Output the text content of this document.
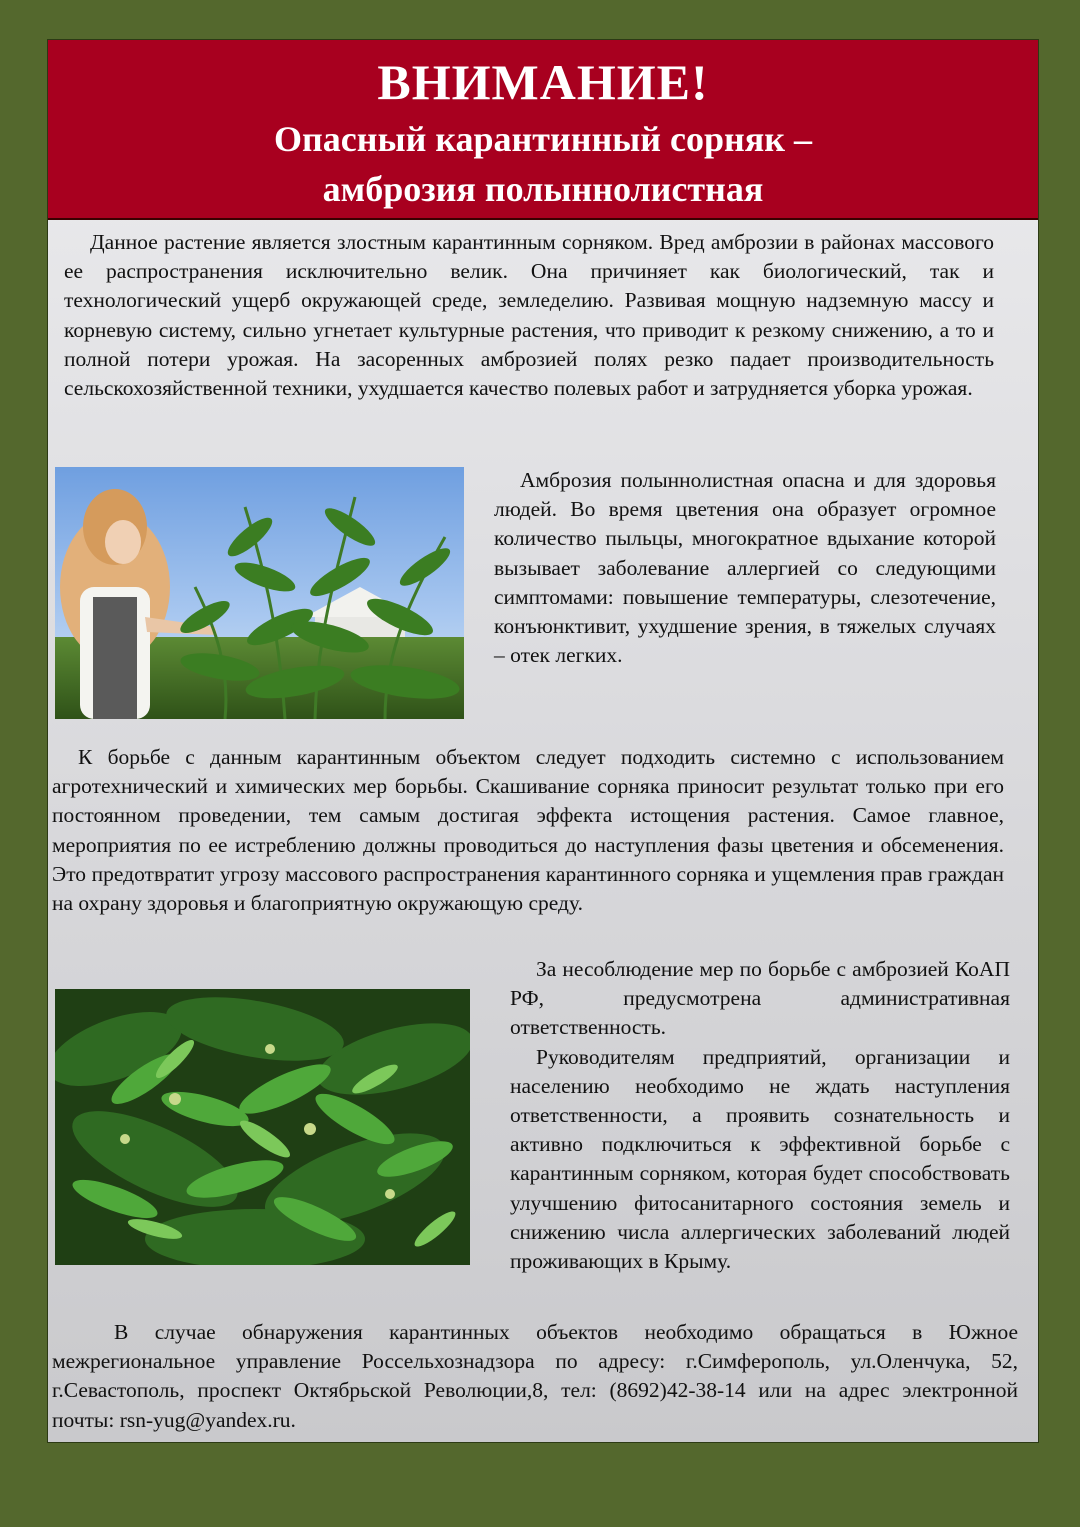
ВНИМАНИЕ!
Опасный карантинный сорняк –
амброзия полыннолистная

Данное растение является злостным карантинным сорняком. Вред амброзии в районах массового ее распространения исключительно велик. Она причиняет как биологический, так и технологический ущерб окружающей среде, земледелию. Развивая мощную надземную массу и корневую систему, сильно угнетает культурные растения, что приводит к резкому снижению, а то и полной потери урожая. На засоренных амброзией полях резко падает производительность сельскохозяйственной техники, ухудшается качество полевых работ и затрудняется уборка урожая.

Амброзия полыннолистная опасна и для здоровья людей. Во время цветения она образует огромное количество пыльцы, многократное вдыхание которой вызывает заболевание аллергией со следующими симптомами: повышение температуры, слезотечение, конъюнктивит, ухудшение зрения, в тяжелых случаях – отек легких.

К борьбе с данным карантинным объектом следует подходить системно с использованием агротехнический и химических мер борьбы. Скашивание сорняка приносит результат только при его постоянном проведении, тем самым достигая эффекта истощения растения. Самое главное, мероприятия по ее истреблению должны проводиться до наступления фазы цветения и обсеменения. Это предотвратит угрозу массового распространения карантинного сорняка и ущемления прав граждан на охрану здоровья и благоприятную окружающую среду.

За несоблюдение мер по борьбе с амброзией КоАП РФ, предусмотрена административная ответственность.

Руководителям предприятий, организации и населению необходимо не ждать наступления ответственности, а проявить сознательность и активно подключиться к эффективной борьбе с карантинным сорняком, которая будет способствовать улучшению фитосанитарного состояния земель и снижению числа аллергических заболеваний людей проживающих в Крыму.

В случае обнаружения карантинных объектов необходимо обращаться в Южное межрегиональное управление Россельхознадзора по адресу: г.Симферополь, ул.Оленчука, 52, г.Севастополь, проспект Октябрьской Революции,8, тел: (8692)42-38-14 или на адрес электронной почты: rsn-yug@yandex.ru.
